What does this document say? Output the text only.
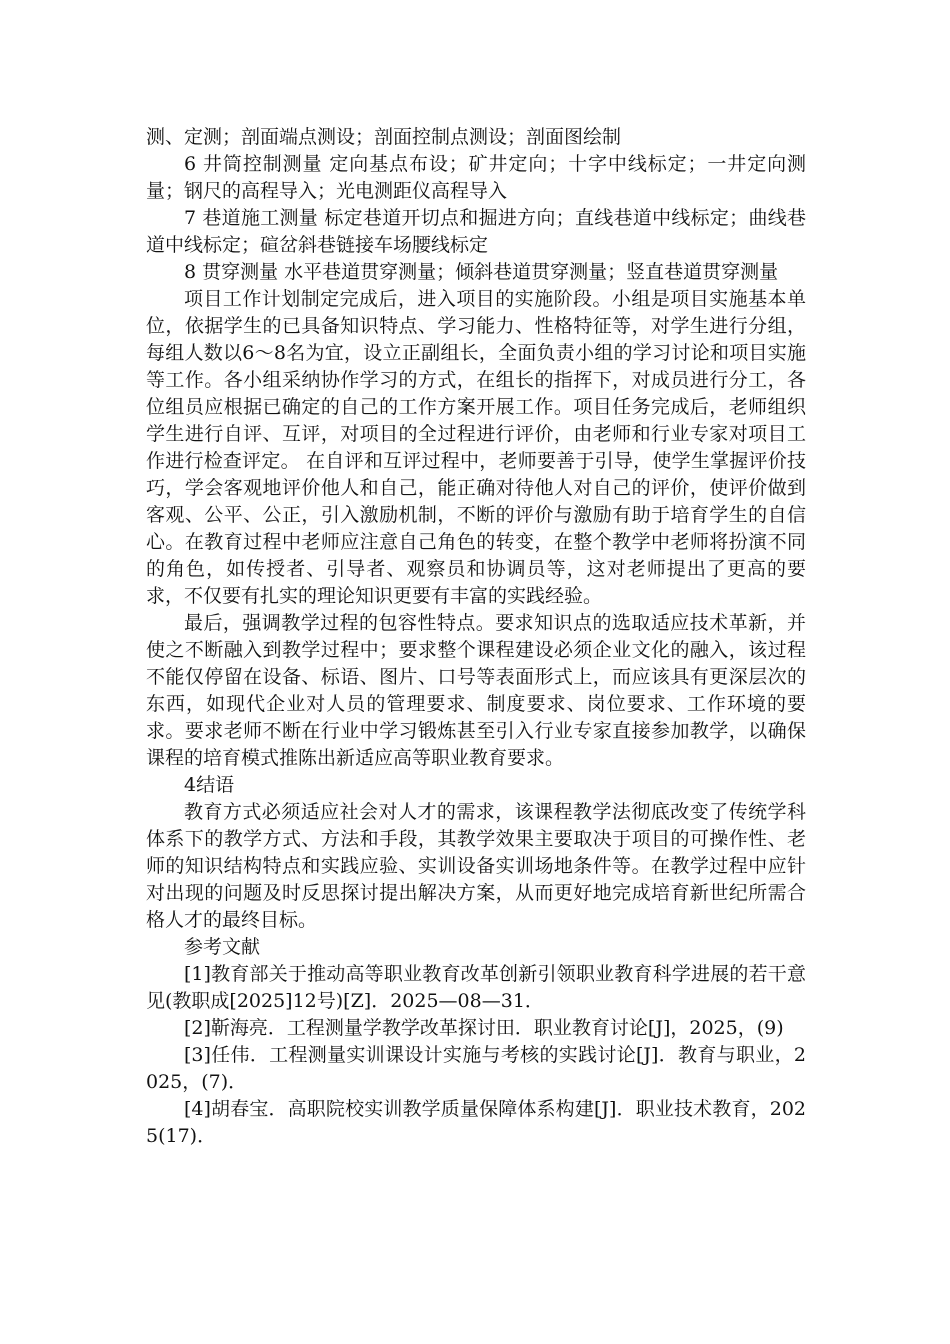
测、定测；剖面端点测设；剖面控制点测设；剖面图绘制

6 井筒控制测量 定向基点布设；矿井定向；十字中线标定；一井定向测量；钢尺的高程导入；光电测距仪高程导入

7 巷道施工测量 标定巷道开切点和掘进方向；直线巷道中线标定；曲线巷道中线标定；碹岔斜巷链接车场腰线标定

8 贯穿测量 水平巷道贯穿测量；倾斜巷道贯穿测量；竖直巷道贯穿测量

项目工作计划制定完成后，进入项目的实施阶段。小组是项目实施基本单位，依据学生的已具备知识特点、学习能力、性格特征等，对学生进行分组，每组人数以6～8名为宜，设立正副组长，全面负责小组的学习讨论和项目实施等工作。各小组采纳协作学习的方式，在组长的指挥下，对成员进行分工，各位组员应根据已确定的自己的工作方案开展工作。项目任务完成后，老师组织学生进行自评、互评，对项目的全过程进行评价，由老师和行业专家对项目工作进行检查评定。 在自评和互评过程中，老师要善于引导，使学生掌握评价技巧，学会客观地评价他人和自己，能正确对待他人对自己的评价，使评价做到客观、公平、公正，引入激励机制，不断的评价与激励有助于培育学生的自信心。在教育过程中老师应注意自己角色的转变，在整个教学中老师将扮演不同的角色，如传授者、引导者、观察员和协调员等，这对老师提出了更高的要求，不仅要有扎实的理论知识更要有丰富的实践经验。

最后，强调教学过程的包容性特点。要求知识点的选取适应技术革新，并使之不断融入到教学过程中；要求整个课程建设必须企业文化的融入，该过程不能仅停留在设备、标语、图片、口号等表面形式上，而应该具有更深层次的东西，如现代企业对人员的管理要求、制度要求、岗位要求、工作环境的要求。要求老师不断在行业中学习锻炼甚至引入行业专家直接参加教学，以确保课程的培育模式推陈出新适应高等职业教育要求。

4结语

教育方式必须适应社会对人才的需求，该课程教学法彻底改变了传统学科体系下的教学方式、方法和手段，其教学效果主要取决于项目的可操作性、老师的知识结构特点和实践应验、实训设备实训场地条件等。在教学过程中应针对出现的问题及时反思探讨提出解决方案，从而更好地完成培育新世纪所需合格人才的最终目标。

参考文献

[1]教育部关于推动高等职业教育改革创新引领职业教育科学进展的若干意见(教职成[2025]12号)[Z]．2025—08—31．

[2]靳海亮．工程测量学教学改革探讨田．职业教育讨论[J]，2025，(9)

[3]任伟．工程测量实训课设计实施与考核的实践讨论[J]．教育与职业，2025，(7)．

[4]胡春宝．高职院校实训教学质量保障体系构建[J]．职业技术教育，2025(17)．
